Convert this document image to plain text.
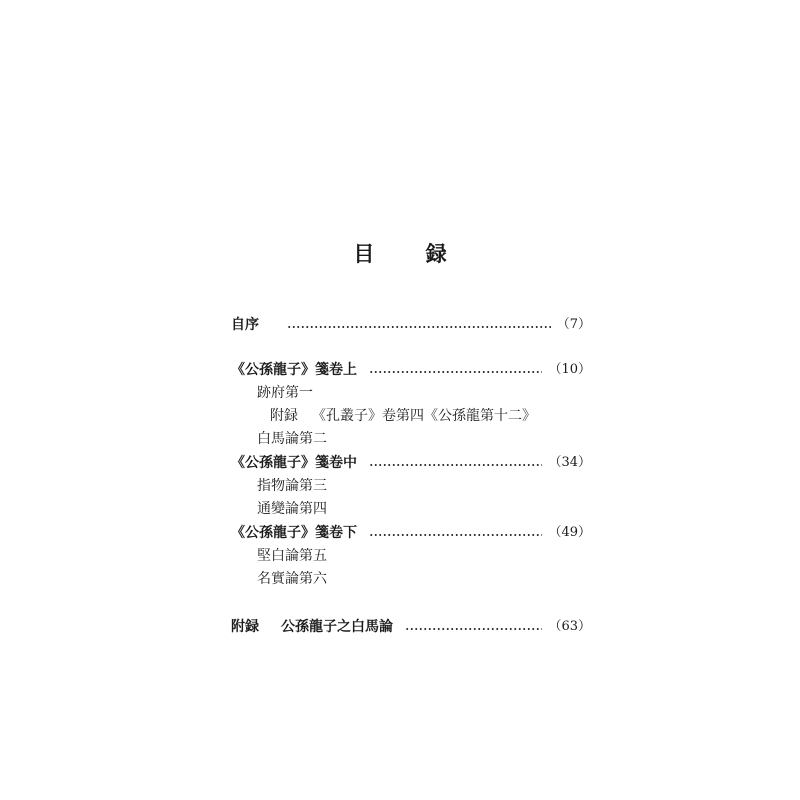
目 録
自序	（7）
《公孫龍子》箋卷上	（10）
跡府第一
附録 《孔叢子》卷第四《公孫龍第十二》
白馬論第二
《公孫龍子》箋卷中	（34）
指物論第三
通變論第四
《公孫龍子》箋卷下	（49）
堅白論第五
名實論第六
附録 公孫龍子之白馬論	（63）
